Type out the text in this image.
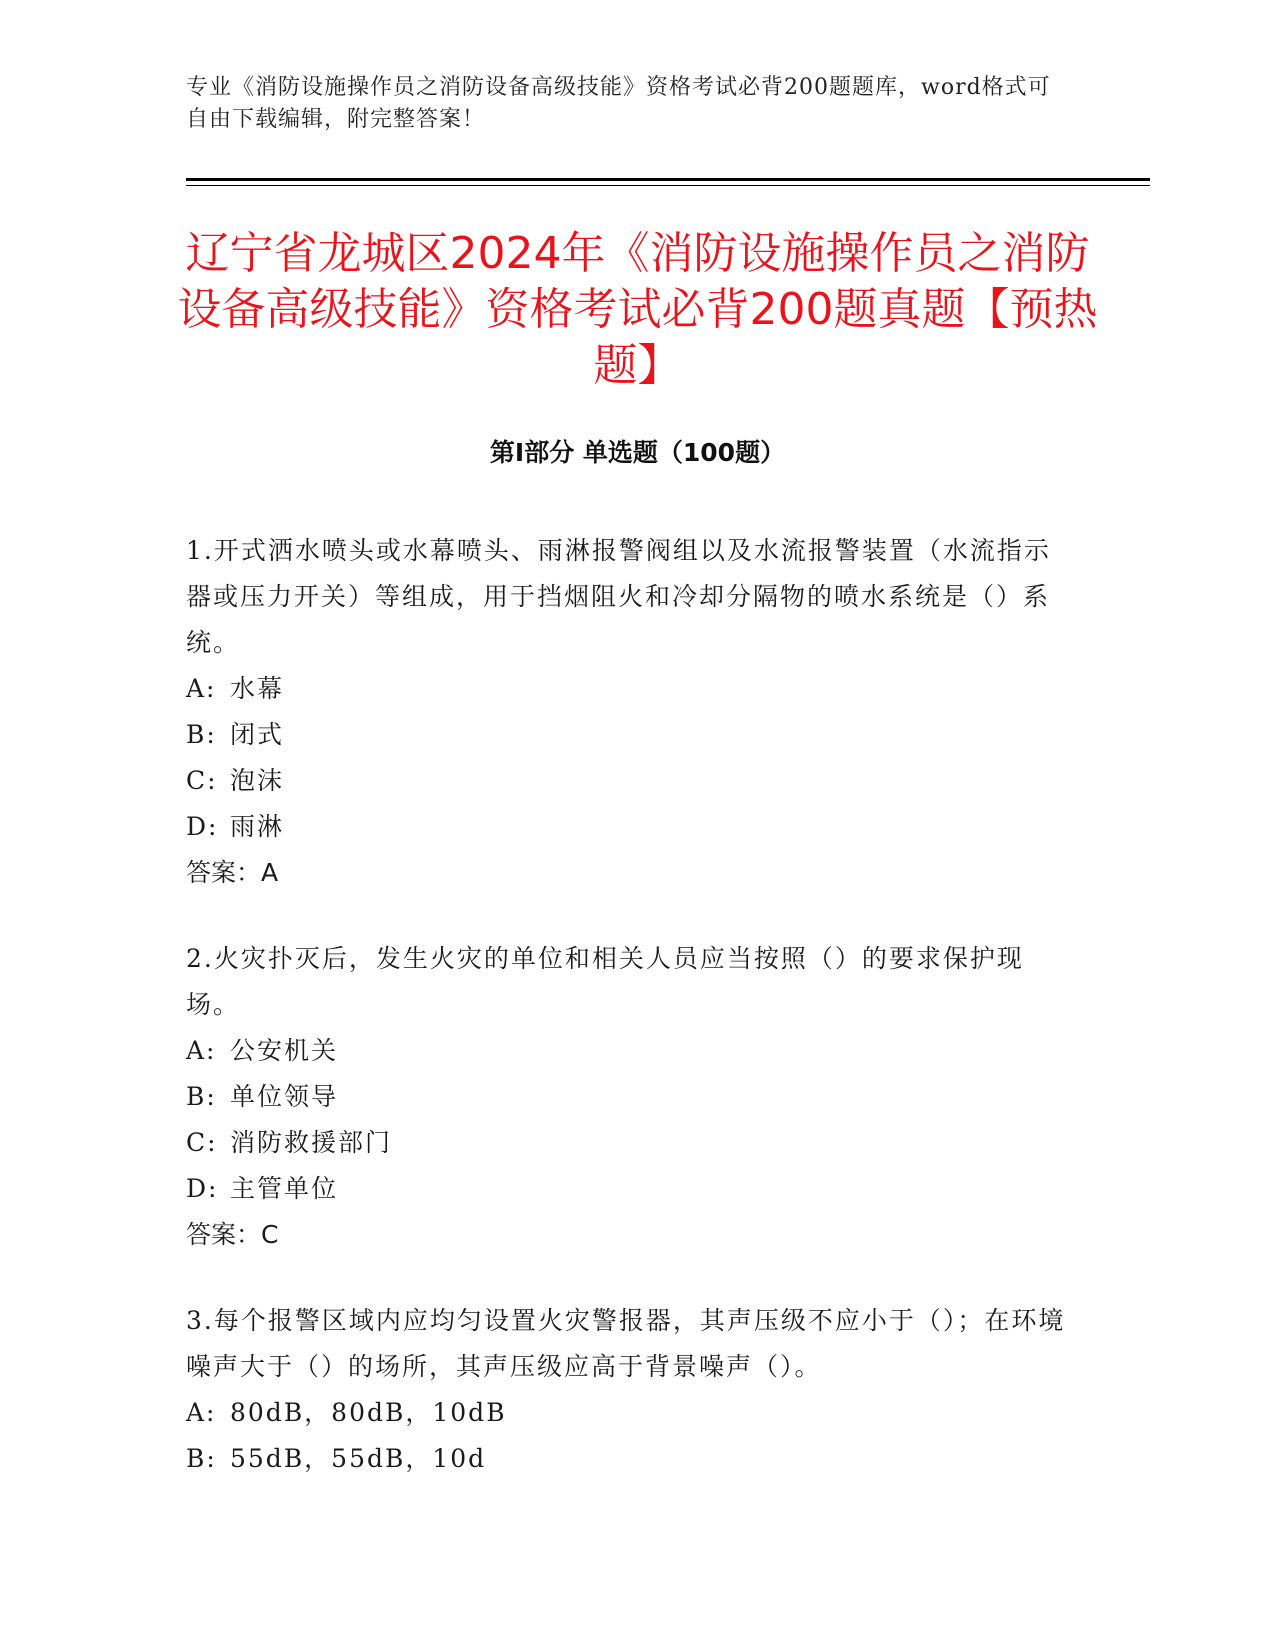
专业《消防设施操作员之消防设备高级技能》资格考试必背200题题库，word格式可自由下载编辑，附完整答案！
辽宁省龙城区2024年《消防设施操作员之消防设备高级技能》资格考试必背200题真题【预热题】
第Ⅰ部分 单选题（100题）

1.开式洒水喷头或水幕喷头、雨淋报警阀组以及水流报警装置（水流指示器或压力开关）等组成，用于挡烟阻火和冷却分隔物的喷水系统是（）系统。

A: 水幕

B: 闭式

C: 泡沫

D: 雨淋

答案：A

2.火灾扑灭后，发生火灾的单位和相关人员应当按照（）的要求保护现场。

A: 公安机关

B: 单位领导

C: 消防救援部门

D: 主管单位

答案：C

3.每个报警区域内应均匀设置火灾警报器，其声压级不应小于（）；在环境噪声大于（）的场所，其声压级应高于背景噪声（）。

A: 80dB，80dB，10dB

B: 55dB，55dB，10d
